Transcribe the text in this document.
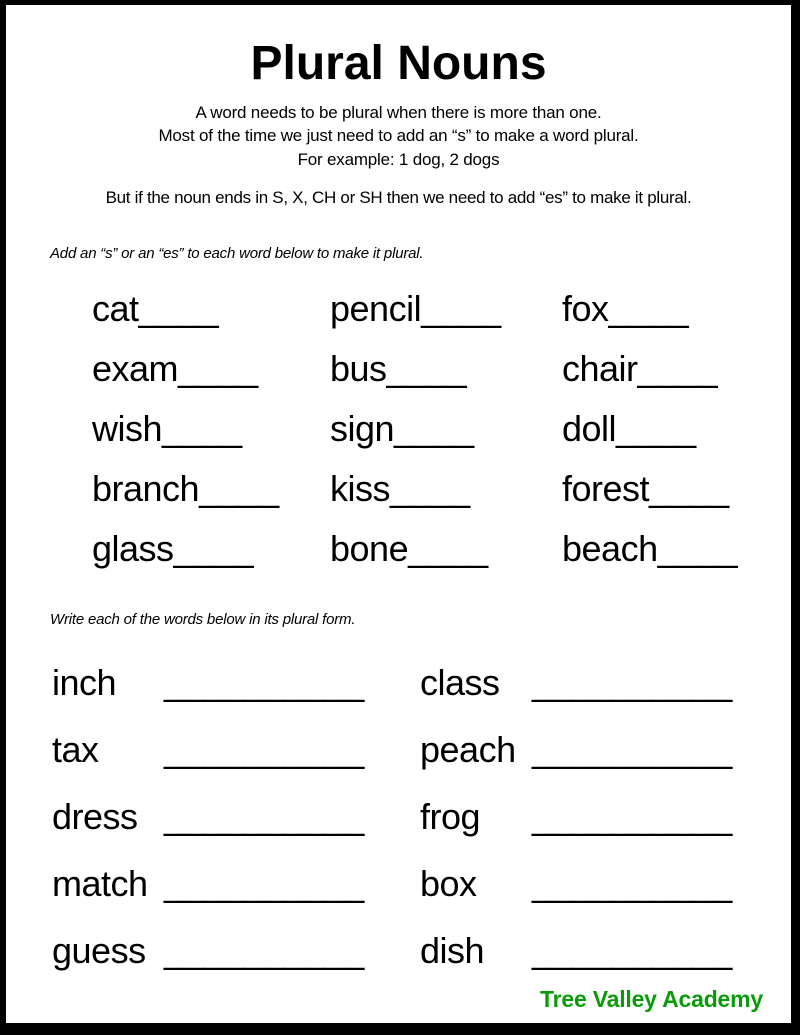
Plural Nouns
A word needs to be plural when there is more than one.
Most of the time we just need to add an “s” to make a word plural.
For example: 1 dog, 2 dogs

But if the noun ends in S, X, CH or SH then we need to add “es” to make it plural.

Add an “s” or an “es” to each word below to make it plural.

cat____	pencil____	fox____
exam____	bus____	chair____
wish____	sign____	doll____
branch____	kiss____	forest____
glass____	bone____	beach____

Write each of the words below in its plural form.

inch __________	class __________
tax __________	peach __________
dress __________	frog __________
match __________	box __________
guess __________	dish __________
Tree Valley Academy
